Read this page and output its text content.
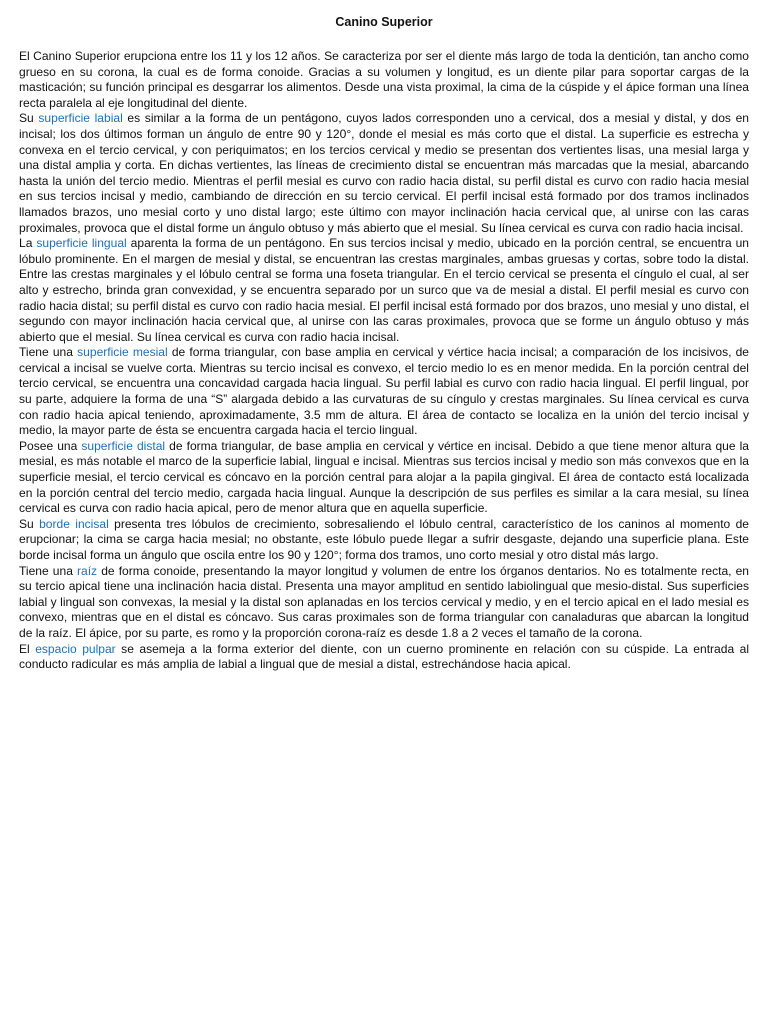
Canino Superior

El Canino Superior erupciona entre los 11 y los 12 años. Se caracteriza por ser el diente más largo de toda la dentición, tan ancho como grueso en su corona, la cual es de forma conoide. Gracias a su volumen y longitud, es un diente pilar para soportar cargas de la masticación; su función principal es desgarrar los alimentos. Desde una vista proximal, la cima de la cúspide y el ápice forman una línea recta paralela al eje longitudinal del diente.

Su superficie labial es similar a la forma de un pentágono, cuyos lados corresponden uno a cervical, dos a mesial y distal, y dos en incisal; los dos últimos forman un ángulo de entre 90 y 120°, donde el mesial es más corto que el distal. La superficie es estrecha y convexa en el tercio cervical, y con periquimatos; en los tercios cervical y medio se presentan dos vertientes lisas, una mesial larga y una distal amplia y corta. En dichas vertientes, las líneas de crecimiento distal se encuentran más marcadas que la mesial, abarcando hasta la unión del tercio medio. Mientras el perfil mesial es curvo con radio hacia distal, su perfil distal es curvo con radio hacia mesial en sus tercios incisal y medio, cambiando de dirección en su tercio cervical. El perfil incisal está formado por dos tramos inclinados llamados brazos, uno mesial corto y uno distal largo; este último con mayor inclinación hacia cervical que, al unirse con las caras proximales, provoca que el distal forme un ángulo obtuso y más abierto que el mesial. Su línea cervical es curva con radio hacia incisal.

La superficie lingual aparenta la forma de un pentágono. En sus tercios incisal y medio, ubicado en la porción central, se encuentra un lóbulo prominente. En el margen de mesial y distal, se encuentran las crestas marginales, ambas gruesas y cortas, sobre todo la distal. Entre las crestas marginales y el lóbulo central se forma una foseta triangular. En el tercio cervical se presenta el cíngulo el cual, al ser alto y estrecho, brinda gran convexidad, y se encuentra separado por un surco que va de mesial a distal. El perfil mesial es curvo con radio hacia distal; su perfil distal es curvo con radio hacia mesial. El perfil incisal está formado por dos brazos, uno mesial y uno distal, el segundo con mayor inclinación hacia cervical que, al unirse con las caras proximales, provoca que se forme un ángulo obtuso y más abierto que el mesial. Su línea cervical es curva con radio hacia incisal.

Tiene una superficie mesial de forma triangular, con base amplia en cervical y vértice hacia incisal; a comparación de los incisivos, de cervical a incisal se vuelve corta. Mientras su tercio incisal es convexo, el tercio medio lo es en menor medida. En la porción central del tercio cervical, se encuentra una concavidad cargada hacia lingual. Su perfil labial es curvo con radio hacia lingual. El perfil lingual, por su parte, adquiere la forma de una “S” alargada debido a las curvaturas de su cíngulo y crestas marginales. Su línea cervical es curva con radio hacia apical teniendo, aproximadamente, 3.5 mm de altura. El área de contacto se localiza en la unión del tercio incisal y medio, la mayor parte de ésta se encuentra cargada hacia el tercio lingual.

Posee una superficie distal de forma triangular, de base amplia en cervical y vértice en incisal. Debido a que tiene menor altura que la mesial, es más notable el marco de la superficie labial, lingual e incisal. Mientras sus tercios incisal y medio son más convexos que en la superficie mesial, el tercio cervical es cóncavo en la porción central para alojar a la papila gingival. El área de contacto está localizada en la porción central del tercio medio, cargada hacia lingual. Aunque la descripción de sus perfiles es similar a la cara mesial, su línea cervical es curva con radio hacia apical, pero de menor altura que en aquella superficie.

Su borde incisal presenta tres lóbulos de crecimiento, sobresaliendo el lóbulo central, característico de los caninos al momento de erupcionar; la cima se carga hacia mesial; no obstante, este lóbulo puede llegar a sufrir desgaste, dejando una superficie plana. Este borde incisal forma un ángulo que oscila entre los 90 y 120°; forma dos tramos, uno corto mesial y otro distal más largo.

Tiene una raíz de forma conoide, presentando la mayor longitud y volumen de entre los órganos dentarios. No es totalmente recta, en su tercio apical tiene una inclinación hacia distal. Presenta una mayor amplitud en sentido labiolingual que mesio-distal. Sus superficies labial y lingual son convexas, la mesial y la distal son aplanadas en los tercios cervical y medio, y en el tercio apical en el lado mesial es convexo, mientras que en el distal es cóncavo. Sus caras proximales son de forma triangular con canaladuras que abarcan la longitud de la raíz. El ápice, por su parte, es romo y la proporción corona-raíz es desde 1.8 a 2 veces el tamaño de la corona.

El espacio pulpar se asemeja a la forma exterior del diente, con un cuerno prominente en relación con su cúspide. La entrada al conducto radicular es más amplia de labial a lingual que de mesial a distal, estrechándose hacia apical.
